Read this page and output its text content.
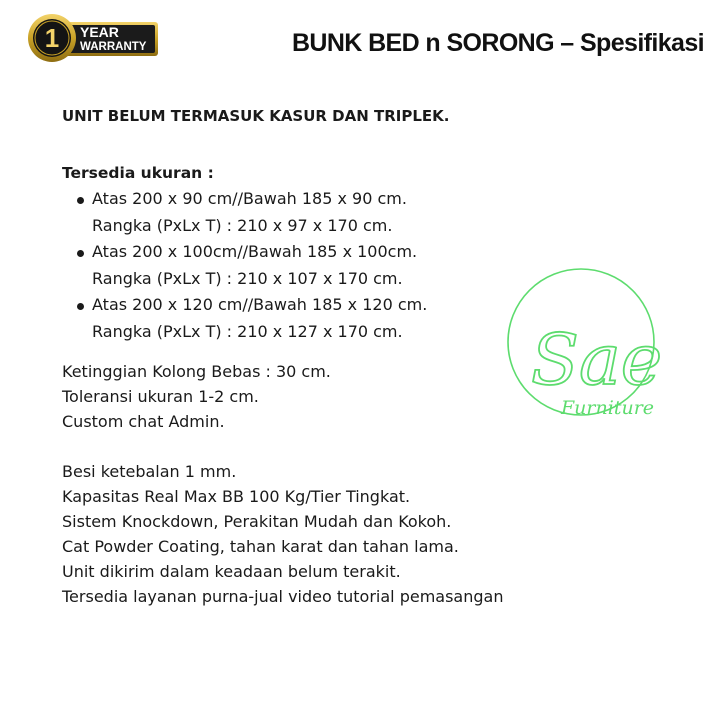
1 YEAR
WARRANTY	BUNK BED n SORONG – Spesifikasi
UNIT BELUM TERMASUK KASUR DAN TRIPLEK.
Tersedia ukuran :
Atas 200 x 90 cm//Bawah 185 x 90 cm.
Rangka (PxLx T) : 210 x 97 x 170 cm.
Atas 200 x 100cm//Bawah 185 x 100cm.
Rangka (PxLx T) : 210 x 107 x 170 cm.
Atas 200 x 120 cm//Bawah 185 x 120 cm.
Rangka (PxLx T) : 210 x 127 x 170 cm.
Ketinggian Kolong Bebas : 30 cm.
Toleransi ukuran 1-2 cm.
Custom chat Admin.
Besi ketebalan 1 mm.
Kapasitas Real Max BB 100 Kg/Tier Tingkat.
Sistem Knockdown, Perakitan Mudah dan Kokoh.
Cat Powder Coating, tahan karat dan tahan lama.
Unit dikirim dalam keadaan belum terakit.
Tersedia layanan purna-jual video tutorial pemasangan
Sae
Furniture
